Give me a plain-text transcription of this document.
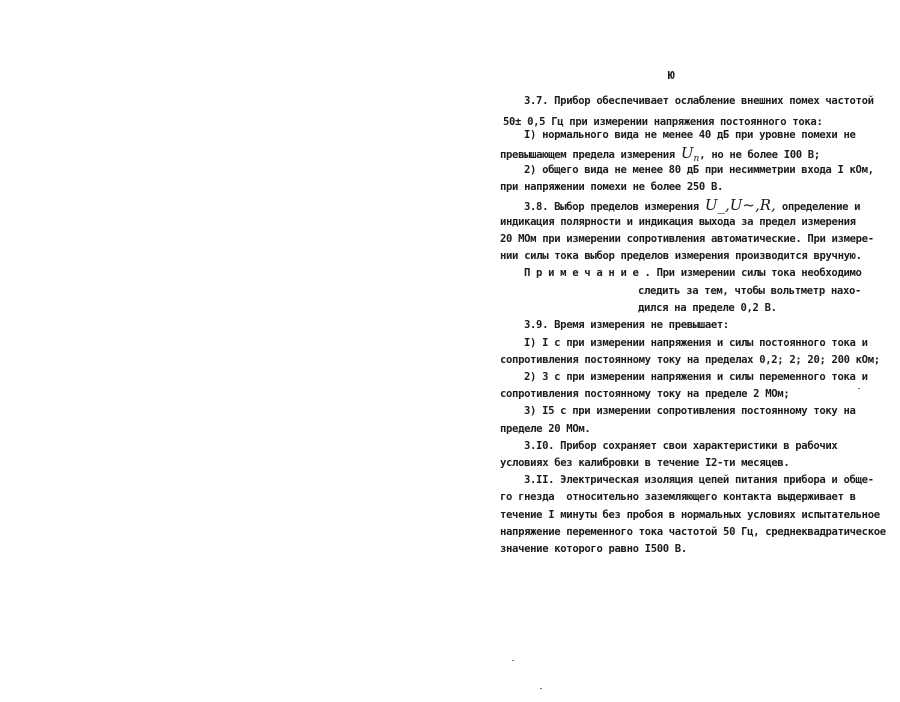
Ю
3.7. Прибор обеспечивает ослабление внешних помех частотой
50± 0,5 Гц при измерении напряжения постоянного тока:
I) нормального вида не менее 40 дБ при уровне помехи не
превышающем предела измерения $U_п$, но не более I00 В;
2) общего вида не менее 80 дБ при несимметрии входа I кОм,
при напряжении помехи не более 250 В.
3.8. Выбор пределов измерения U_,U~,R, определение и
индикация полярности и индикация выхода за предел измерения
20 МОм при измерении сопротивления автоматические. При измере-
нии силы тока выбор пределов измерения производится вручную.
П р и м е ч а н и е . При измерении силы тока необходимо
следить за тем, чтобы вольтметр нахо-
дился на пределе 0,2 В.
3.9. Время измерения не превышает:
I) I с при измерении напряжения и силы постоянного тока и
сопротивления постоянному току на пределах 0,2; 2; 20; 200 кОм;
2) 3 с при измерении напряжения и силы переменного тока и
сопротивления постоянному току на пределе 2 МОм;
3) I5 с при измерении сопротивления постоянному току на
пределе 20 МОм.
3.I0. Прибор сохраняет свои характеристики в рабочих
условиях без калибровки в течение I2-ти месяцев.
3.II. Электрическая изоляция цепей питания прибора и обще-
го гнезда  относительно заземляющего контакта выдерживает в
течение I минуты без пробоя в нормальных условиях испытательное
напряжение переменного тока частотой 50 Гц, среднеквадратическое
значение которого равно I500 В.
